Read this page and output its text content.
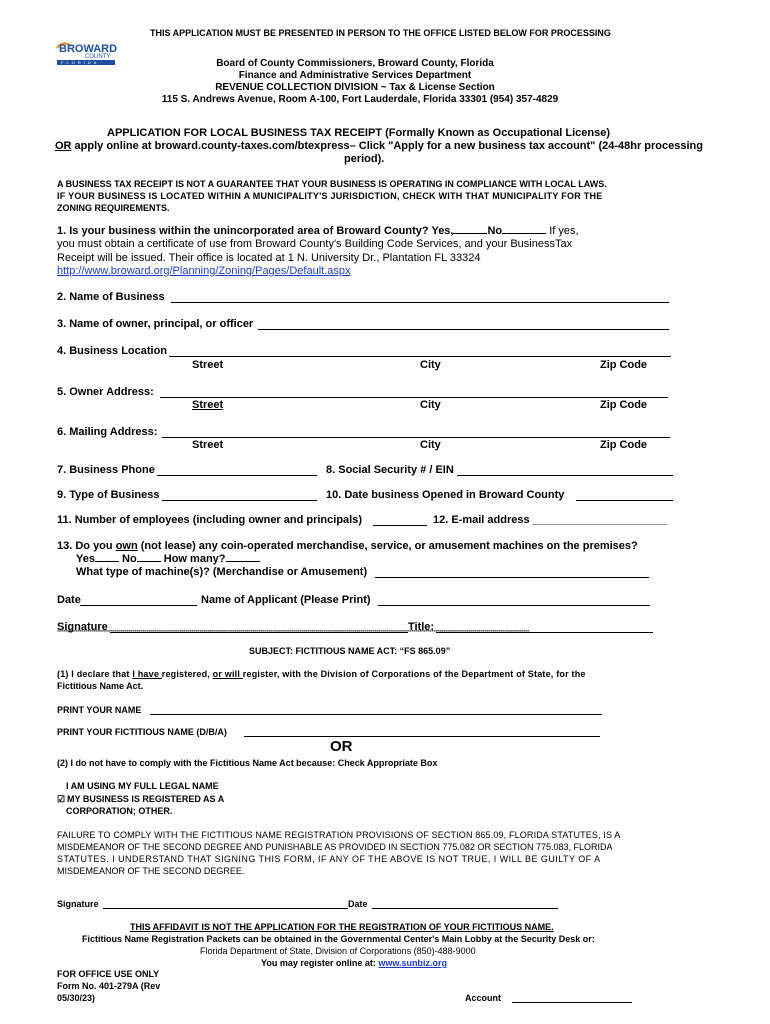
THIS APPLICATION MUST BE PRESENTED IN PERSON TO THE OFFICE LISTED BELOW FOR PROCESSING
BROWARD
COUNTY
FLORIDA	Board of County Commissioners, Broward County, Florida
Finance and Administrative Services Department
REVENUE COLLECTION DIVISION ~ Tax & License Section
115 S. Andrews Avenue, Room A-100, Fort Lauderdale, Florida 33301 (954) 357-4829
APPLICATION FOR LOCAL BUSINESS TAX RECEIPT (Formally Known as Occupational License)
OR apply online at broward.county-taxes.com/btexpress– Click "Apply for a new business tax account" (24-48hr processing
period).
A BUSINESS TAX RECEIPT IS NOT A GUARANTEE THAT YOUR BUSINESS IS OPERATING IN COMPLIANCE WITH LOCAL LAWS.
IF YOUR BUSINESS IS LOCATED WITHIN A MUNICIPALITY'S JURISDICTION, CHECK WITH THAT MUNICIPALITY FOR THE
ZONING REQUIREMENTS.
1. Is your business within the unincorporated area of Broward County? Yes,	No	If yes,
you must obtain a certificate of use from Broward County's Building Code Services, and your BusinessTax
Receipt will be issued. Their office is located at 1 N. University Dr., Plantation FL 33324
http://www.broward.org/Planning/Zoning/Pages/Default.aspx
2. Name of Business
3. Name of owner, principal, or officer
4. Business Location
Street	City	Zip Code
5. Owner Address:
Street	City	Zip Code
6. Mailing Address:
Street	City	Zip Code
7. Business Phone	8. Social Security # / EIN
9. Type of Business	10. Date business Opened in Broward County
11. Number of employees (including owner and principals)	12. E-mail address ______________________
13. Do you own (not lease) any coin-operated merchandise, service, or amusement machines on the premises?
Yes No How many?
What type of machine(s)? (Merchandise or Amusement)
Date	Name of Applicant (Please Print)
Signature	Title:
****************************************************************************************************************************************************************************************************************************************
SUBJECT: FICTITIOUS NAME ACT: “FS 865.09”
(1) I declare that I have registered, or will register, with the Division of Corporations of the Department of State, for the
Fictitious Name Act.
PRINT YOUR NAME
PRINT YOUR FICTITIOUS NAME (D/B/A)
OR
(2) I do not have to comply with the Fictitious Name Act because: Check Appropriate Box
I AM USING MY FULL LEGAL NAME
☑ MY BUSINESS IS REGISTERED AS A
CORPORATION; OTHER.
FAILURE TO COMPLY WITH THE FICTITIOUS NAME REGISTRATION PROVISIONS OF SECTION 865.09, FLORIDA STATUTES, IS A
MISDEMEANOR OF THE SECOND DEGREE AND PUNISHABLE AS PROVIDED IN SECTION 775.082 OR SECTION 775.083, FLORIDA
STATUTES. I UNDERSTAND THAT SIGNING THIS FORM, IF ANY OF THE ABOVE IS NOT TRUE, I WILL BE GUILTY OF A
MISDEMEANOR OF THE SECOND DEGREE.
Signature	Date
THIS AFFIDAVIT IS NOT THE APPLICATION FOR THE REGISTRATION OF YOUR FICTITIOUS NAME.
Fictitious Name Registration Packets can be obtained in the Governmental Center's Main Lobby at the Security Desk or:
Florida Department of State, Division of Corporations (850)-488-9000
You may register online at: www.sunbiz.org
FOR OFFICE USE ONLY
Form No. 401-279A (Rev
05/30/23)	Account
